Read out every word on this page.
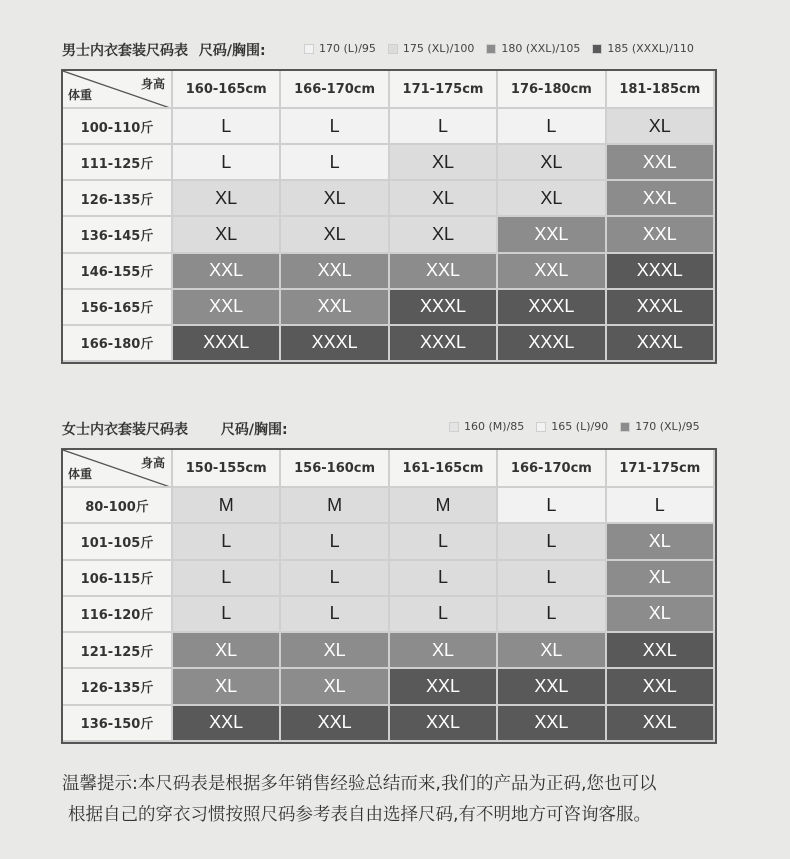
男士内衣套装尺码表 尺码/胸围:	170 (L)/95 175 (XL)/100 180 (XXL)/105 185 (XXXL)/110
身高
体重	160-165cm	166-170cm	171-175cm	176-180cm	181-185cm
100-110斤	L	L	L	L	XL
111-125斤	L	L	XL	XL	XXL
126-135斤	XL	XL	XL	XL	XXL
136-145斤	XL	XL	XL	XXL	XXL
146-155斤	XXL	XXL	XXL	XXL	XXXL
156-165斤	XXL	XXL	XXXL	XXXL	XXXL
166-180斤	XXXL	XXXL	XXXL	XXXL	XXXL
女士内衣套装尺码表 尺码/胸围:	160 (M)/85 165 (L)/90 170 (XL)/95
身高
体重	150-155cm	156-160cm	161-165cm	166-170cm	171-175cm
80-100斤	M	M	M	L	L
101-105斤	L	L	L	L	XL
106-115斤	L	L	L	L	XL
116-120斤	L	L	L	L	XL
121-125斤	XL	XL	XL	XL	XXL
126-135斤	XL	XL	XXL	XXL	XXL
136-150斤	XXL	XXL	XXL	XXL	XXL
温馨提示:本尺码表是根据多年销售经验总结而来,我们的产品为正码,您也可以
根据自己的穿衣习惯按照尺码参考表自由选择尺码,有不明地方可咨询客服。
